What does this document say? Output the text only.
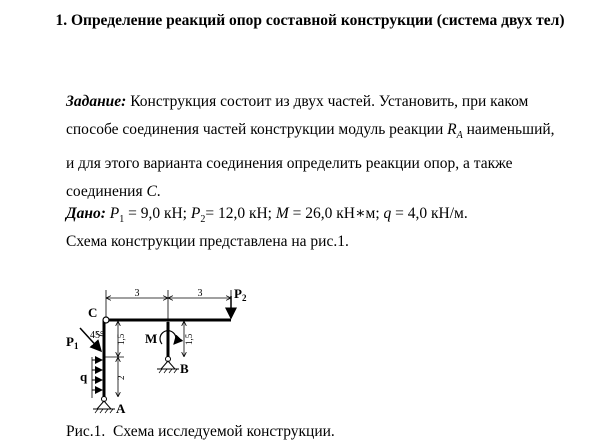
1. Определение реакций опор составной конструкции (система двух тел)
Задание: Конструкция состоит из двух частей. Установить, при каком способе соединения частей конструкции модуль реакции $R_A$ наименьший, и для этого варианта соединения определить реакции опор, а также соединения C.
Дано: $P_1 = 9,0$ кН; $P_2= 12,0$ кН; M = 26,0 кН∗м; q = 4,0 кН/м.
Схема конструкции представлена на рис.1.
3	3
C
1,5
2
45°
$P_1$
q
A
M	1,5
B
$P_2$
Рис.1.  Схема исследуемой конструкции.
